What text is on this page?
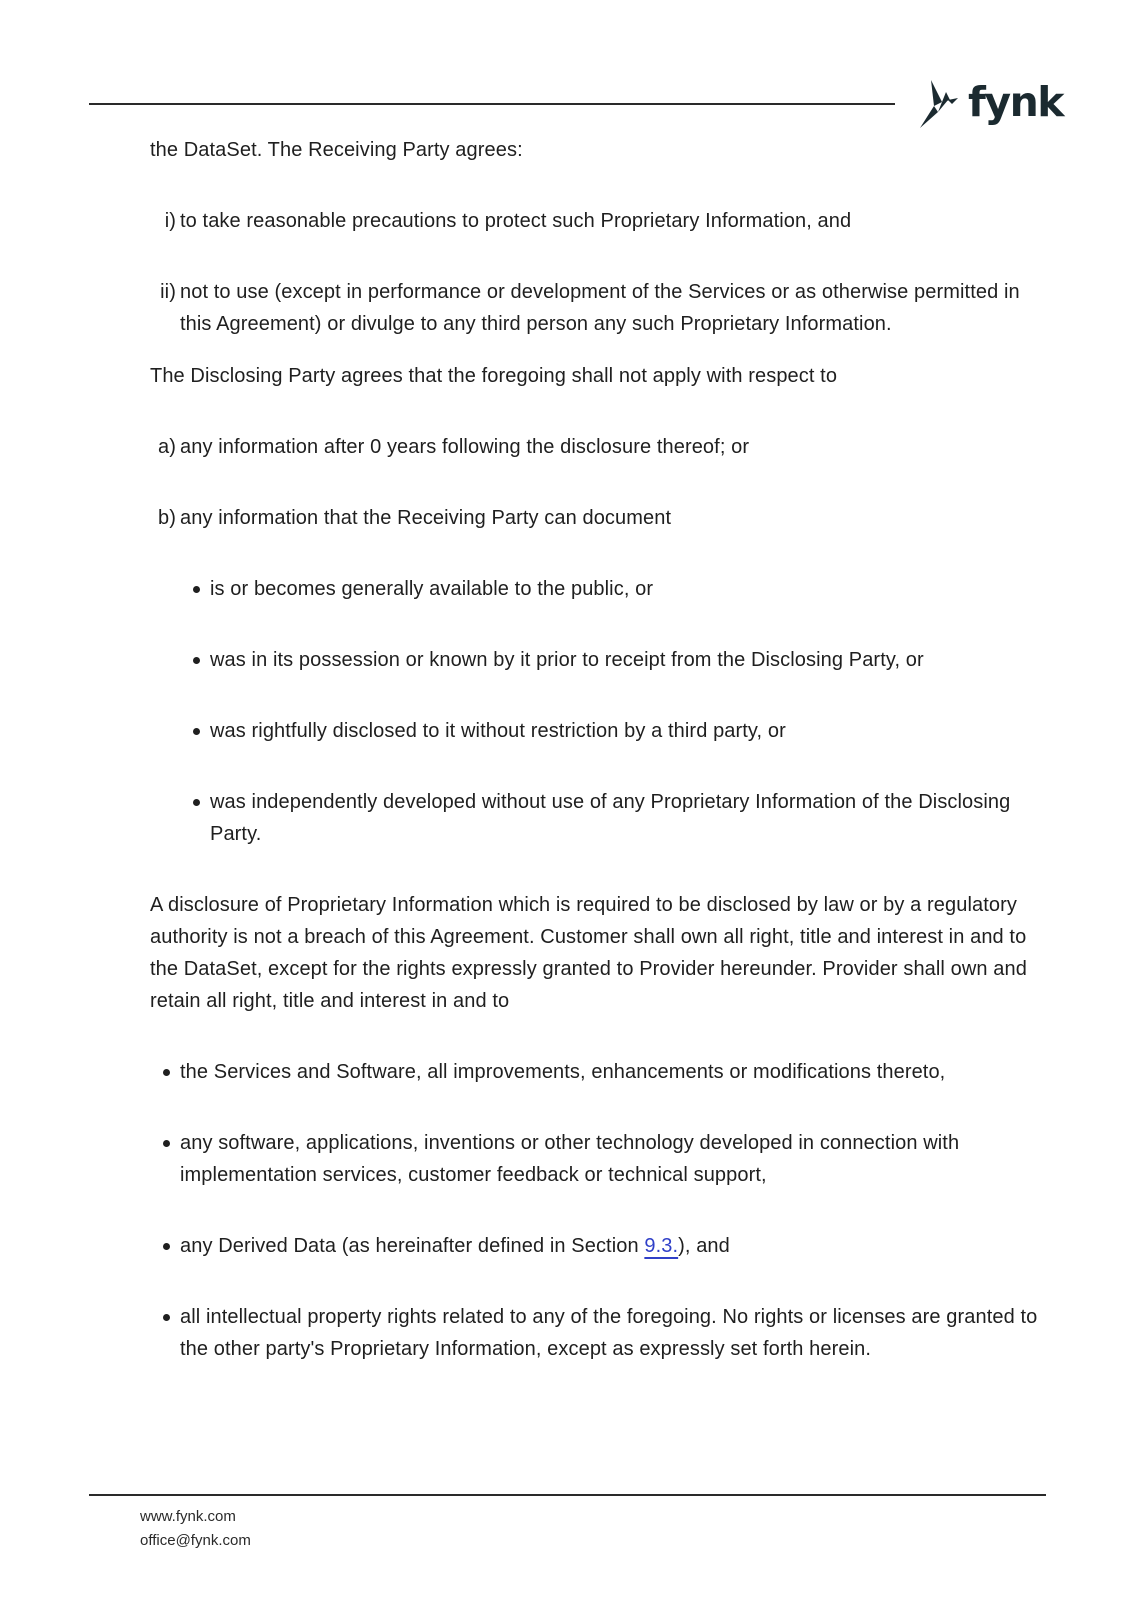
fynk

the DataSet. The Receiving Party agrees:

i) to take reasonable precautions to protect such Proprietary Information, and
ii) not to use (except in performance or development of the Services or as otherwise permitted in this Agreement) or divulge to any third person any such Proprietary Information.

The Disclosing Party agrees that the foregoing shall not apply with respect to

a) any information after 0 years following the disclosure thereof; or
b) any information that the Receiving Party can document
is or becomes generally available to the public, or
was in its possession or known by it prior to receipt from the Disclosing Party, or
was rightfully disclosed to it without restriction by a third party, or
was independently developed without use of any Proprietary Information of the Disclosing Party.

A disclosure of Proprietary Information which is required to be disclosed by law or by a regulatory authority is not a breach of this Agreement. Customer shall own all right, title and interest in and to the DataSet, except for the rights expressly granted to Provider hereunder. Provider shall own and retain all right, title and interest in and to

the Services and Software, all improvements, enhancements or modifications thereto,
any software, applications, inventions or other technology developed in connection with implementation services, customer feedback or technical support,
any Derived Data (as hereinafter defined in Section 9.3.), and
all intellectual property rights related to any of the foregoing. No rights or licenses are granted to the other party's Proprietary Information, except as expressly set forth herein.
www.fynk.com
office@fynk.com
